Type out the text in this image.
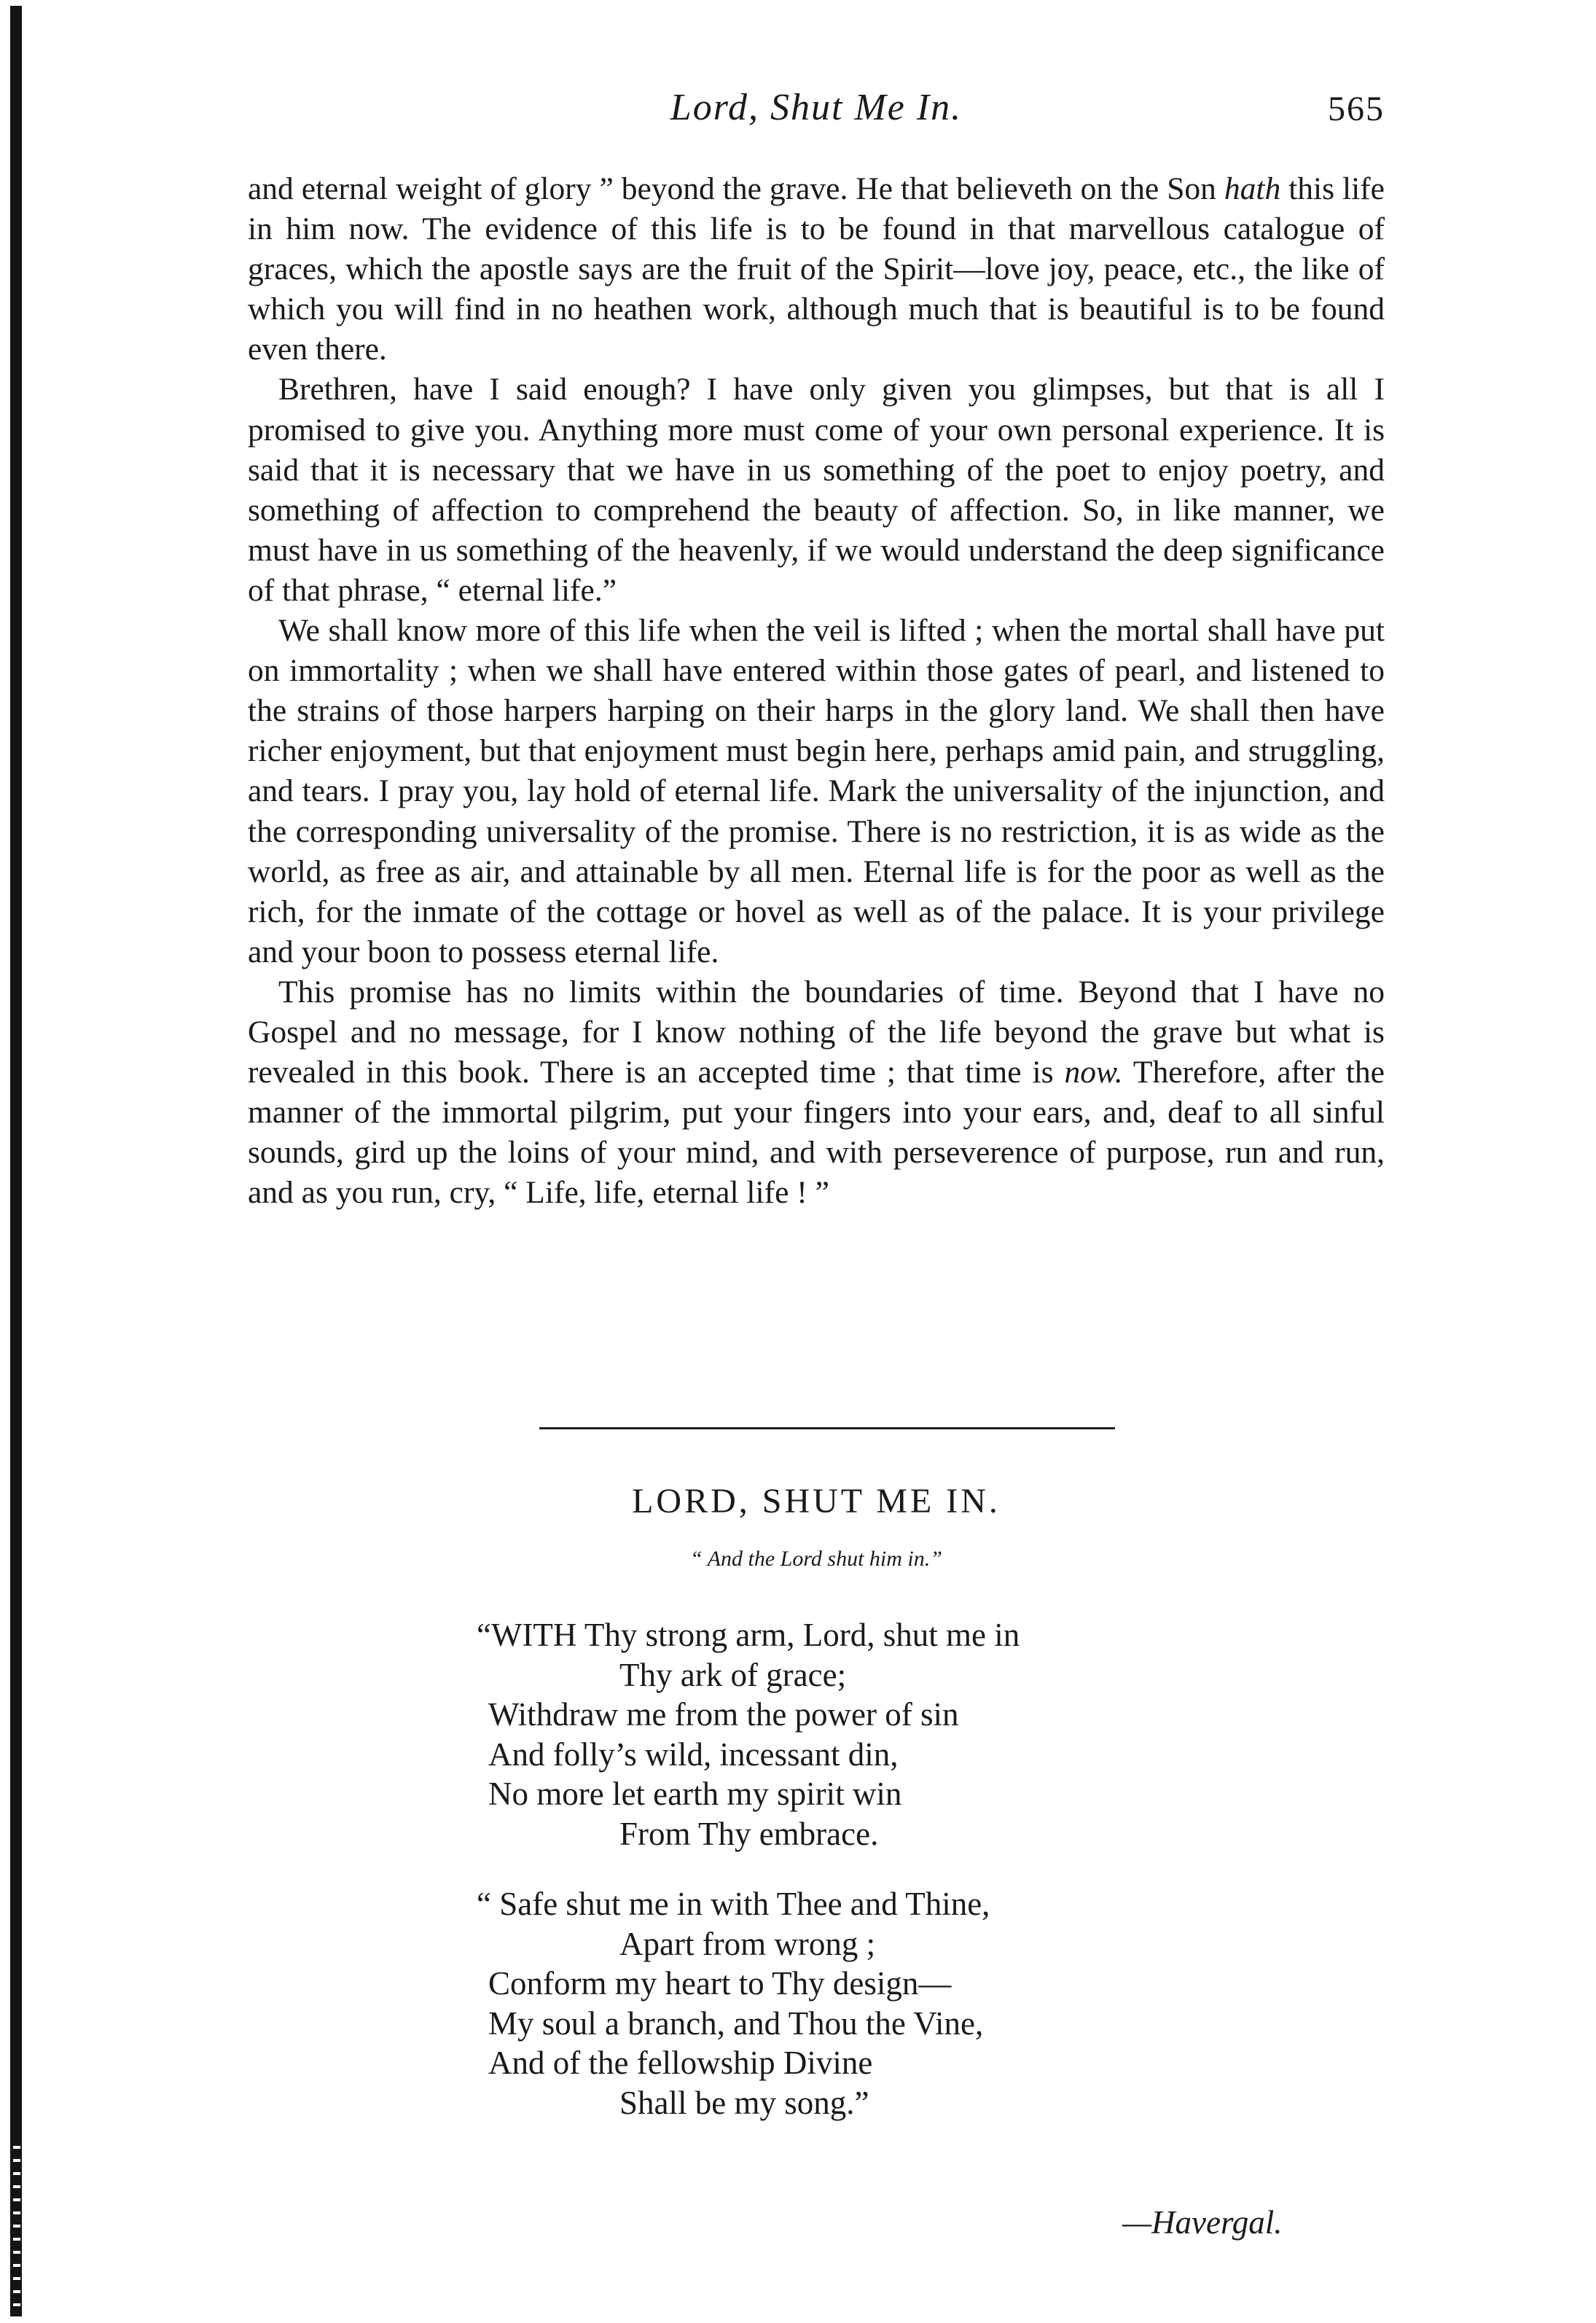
Lord, Shut Me In.	565

and eternal weight of glory ” beyond the grave. He that believeth on the Son hath this life in him now. The evidence of this life is to be found in that marvellous catalogue of graces, which the apostle says are the fruit of the Spirit—love joy, peace, etc., the like of which you will find in no heathen work, although much that is beautiful is to be found even there.

Brethren, have I said enough? I have only given you glimpses, but that is all I promised to give you. Anything more must come of your own personal experience. It is said that it is necessary that we have in us something of the poet to enjoy poetry, and something of affection to comprehend the beauty of affection. So, in like manner, we must have in us something of the heavenly, if we would understand the deep significance of that phrase, “ eternal life.”

We shall know more of this life when the veil is lifted ; when the mortal shall have put on immortality ; when we shall have entered within those gates of pearl, and listened to the strains of those harpers harping on their harps in the glory land. We shall then have richer enjoyment, but that enjoyment must begin here, perhaps amid pain, and struggling, and tears. I pray you, lay hold of eternal life. Mark the universality of the injunction, and the corresponding universality of the promise. There is no restriction, it is as wide as the world, as free as air, and attainable by all men. Eternal life is for the poor as well as the rich, for the inmate of the cottage or hovel as well as of the palace. It is your privilege and your boon to possess eternal life.

This promise has no limits within the boundaries of time. Beyond that I have no Gospel and no message, for I know nothing of the life beyond the grave but what is revealed in this book. There is an accepted time ; that time is now. Therefore, after the manner of the immortal pilgrim, put your fingers into your ears, and, deaf to all sinful sounds, gird up the loins of your mind, and with perseverence of purpose, run and run, and as you run, cry, “ Life, life, eternal life ! ”

LORD, SHUT ME IN.
“ And the Lord shut him in.”
“WITH Thy strong arm, Lord, shut me in
Thy ark of grace;
Withdraw me from the power of sin
And folly’s wild, incessant din,
No more let earth my spirit win
From Thy embrace.
“ Safe shut me in with Thee and Thine,
Apart from wrong ;
Conform my heart to Thy design—
My soul a branch, and Thou the Vine,
And of the fellowship Divine
Shall be my song.”
—Havergal.
